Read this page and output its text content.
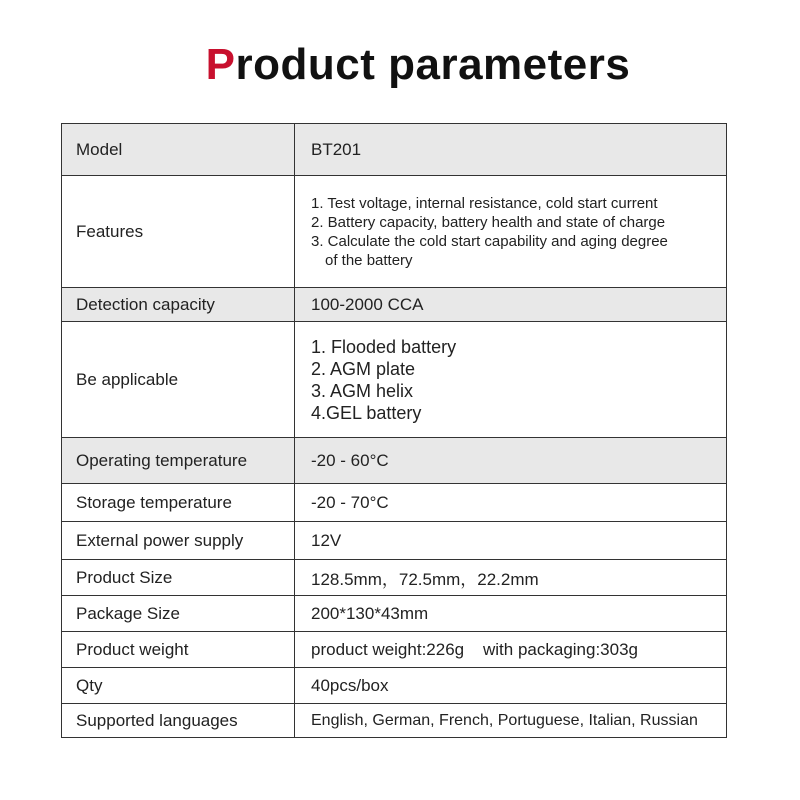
Product parameters
Model	BT201
Features	1. Test voltage, internal resistance, cold start current
2. Battery capacity, battery health and state of charge
3. Calculate the cold start capability and aging degree
of the battery

Detection capacity	100-2000 CCA
Be applicable	1. Flooded battery
2. AGM plate
3. AGM helix
4.GEL battery

Operating temperature	-20 - 60°C
Storage temperature	-20 - 70°C
External power supply	12V
Product Size	128.5mm，72.5mm，22.2mm
Package Size	200*130*43mm
Product weight	product weight:226g    with packaging:303g
Qty	40pcs/box
Supported languages	English, German, French, Portuguese, Italian, Russian
